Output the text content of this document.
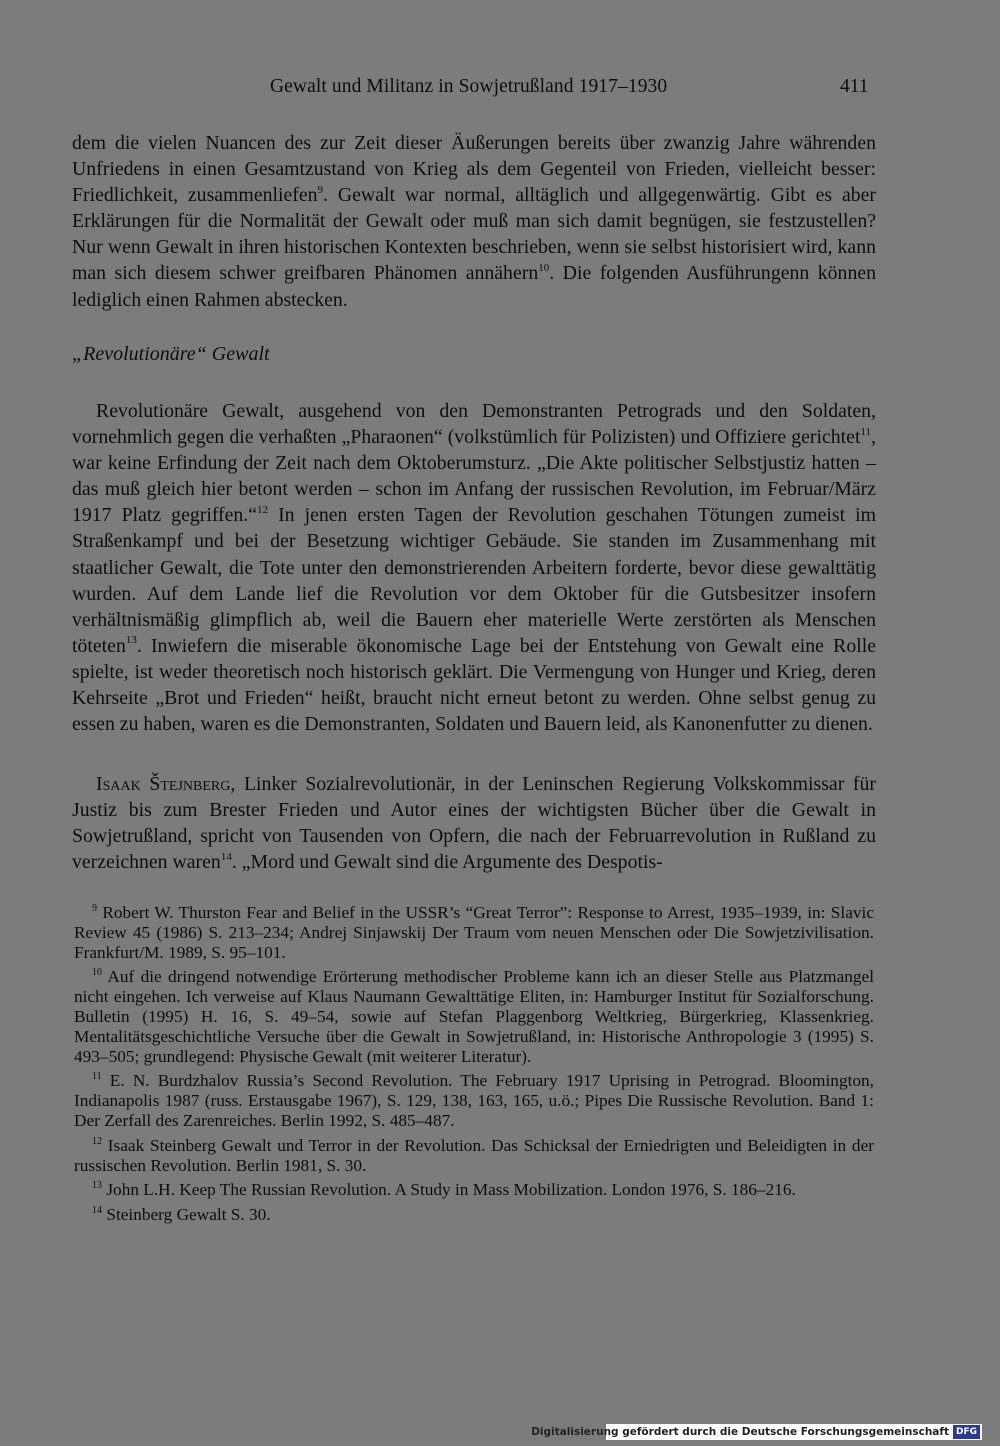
Gewalt und Militanz in Sowjetrußland 1917–1930	411

dem die vielen Nuancen des zur Zeit dieser Äußerungen bereits über zwanzig Jahre währenden Unfriedens in einen Gesamtzustand von Krieg als dem Gegenteil von Frieden, vielleicht besser: Friedlichkeit, zusammenliefen$^9$. Gewalt war normal, alltäglich und allgegenwärtig. Gibt es aber Erklärungen für die Normalität der Gewalt oder muß man sich damit begnügen, sie festzustellen? Nur wenn Gewalt in ihren historischen Kontexten beschrieben, wenn sie selbst historisiert wird, kann man sich diesem schwer greifbaren Phänomen annähern$^{10}$. Die folgenden Ausführungenn können lediglich einen Rahmen abstecken.

„Revolutionäre“ Gewalt

Revolutionäre Gewalt, ausgehend von den Demonstranten Petrograds und den Soldaten, vornehmlich gegen die verhaßten „Pharaonen“ (volkstümlich für Polizisten) und Offiziere gerichtet$^{11}$, war keine Erfindung der Zeit nach dem Oktoberumsturz. „Die Akte politischer Selbstjustiz hatten – das muß gleich hier betont werden – schon im Anfang der russischen Revolution, im Februar/März 1917 Platz gegriffen.“$^{12}$ In jenen ersten Tagen der Revolution geschahen Tötungen zumeist im Straßenkampf und bei der Besetzung wichtiger Gebäude. Sie standen im Zusammenhang mit staatlicher Gewalt, die Tote unter den demonstrierenden Arbeitern forderte, bevor diese gewalttätig wurden. Auf dem Lande lief die Revolution vor dem Oktober für die Gutsbesitzer insofern verhältnismäßig glimpflich ab, weil die Bauern eher materielle Werte zerstörten als Menschen töteten$^{13}$. Inwiefern die miserable ökonomische Lage bei der Entstehung von Gewalt eine Rolle spielte, ist weder theoretisch noch historisch geklärt. Die Vermengung von Hunger und Krieg, deren Kehrseite „Brot und Frieden“ heißt, braucht nicht erneut betont zu werden. Ohne selbst genug zu essen zu haben, waren es die Demonstranten, Soldaten und Bauern leid, als Kanonenfutter zu dienen.

Isaak Štejnberg, Linker Sozialrevolutionär, in der Leninschen Regierung Volkskommissar für Justiz bis zum Brester Frieden und Autor eines der wichtigsten Bücher über die Gewalt in Sowjetrußland, spricht von Tausenden von Opfern, die nach der Februarrevolution in Rußland zu verzeichnen waren$^{14}$. „Mord und Gewalt sind die Argumente des Despotis-

$^9$ Robert W. Thurston Fear and Belief in the USSR’s “Great Terror”: Response to Arrest, 1935–1939, in: Slavic Review 45 (1986) S. 213–234; Andrej Sinjawskij Der Traum vom neuen Menschen oder Die Sowjetzivilisation. Frankfurt/M. 1989, S. 95–101.

$^{10}$ Auf die dringend notwendige Erörterung methodischer Probleme kann ich an dieser Stelle aus Platzmangel nicht eingehen. Ich verweise auf Klaus Naumann Gewalttätige Eliten, in: Hamburger Institut für Sozialforschung. Bulletin (1995) H. 16, S. 49–54, sowie auf Stefan Plaggenborg Weltkrieg, Bürgerkrieg, Klassenkrieg. Mentalitätsgeschichtliche Versuche über die Gewalt in Sowjetrußland, in: Historische Anthropologie 3 (1995) S. 493–505; grundlegend: Physische Gewalt (mit weiterer Literatur).

$^{11}$ E. N. Burdzhalov Russia’s Second Revolution. The February 1917 Uprising in Petrograd. Bloomington, Indianapolis 1987 (russ. Erstausgabe 1967), S. 129, 138, 163, 165, u.ö.; Pipes Die Russische Revolution. Band 1: Der Zerfall des Zarenreiches. Berlin 1992, S. 485–487.

$^{12}$ Isaak Steinberg Gewalt und Terror in der Revolution. Das Schicksal der Erniedrigten und Beleidigten in der russischen Revolution. Berlin 1981, S. 30.

$^{13}$ John L.H. Keep The Russian Revolution. A Study in Mass Mobilization. London 1976, S. 186–216.

$^{14}$ Steinberg Gewalt S. 30.

Digitalisierung gefördert durch die Deutsche Forschungsgemeinschaft DFG
